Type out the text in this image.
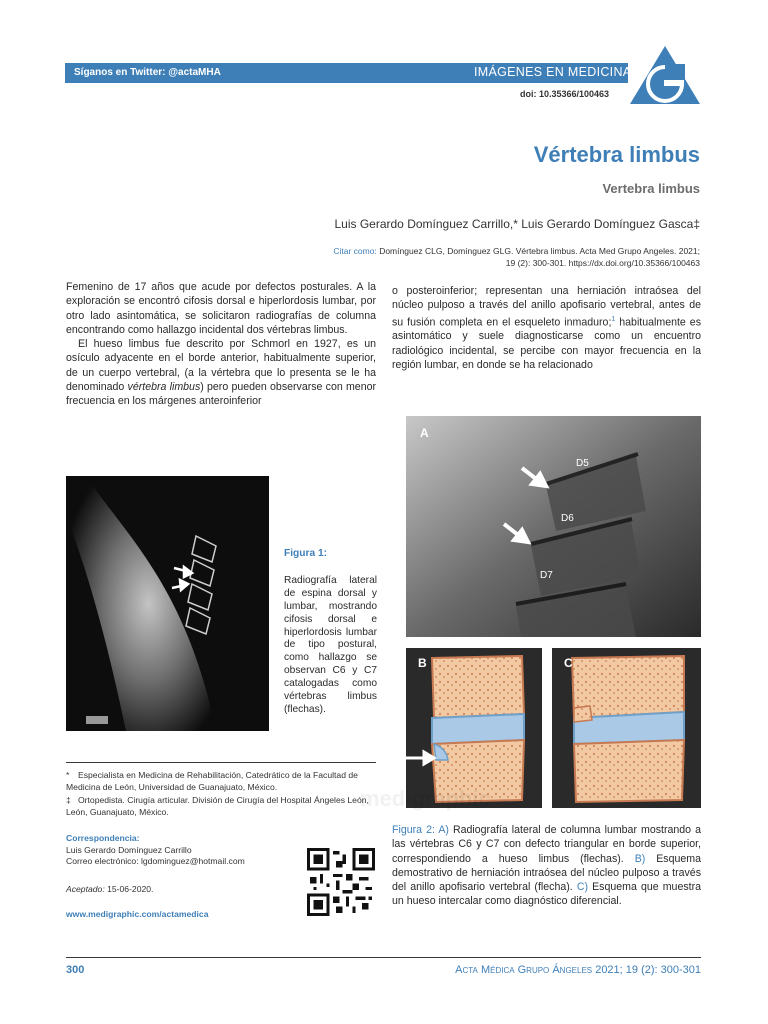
Síganos en Twitter: @actaMHA	IMÁGENES EN MEDICINA
doi: 10.35366/100463
Vértebra limbus
Vertebra limbus
Luis Gerardo Domínguez Carrillo,* Luis Gerardo Domínguez Gasca‡
Citar como: Domínguez CLG, Domínguez GLG. Vértebra limbus. Acta Med Grupo Angeles. 2021; 19 (2): 300-301. https://dx.doi.org/10.35366/100463

Femenino de 17 años que acude por defectos posturales. A la exploración se encontró cifosis dorsal e hiperlordosis lumbar, por otro lado asintomática, se solicitaron radiografías de columna encontrando como hallazgo incidental dos vértebras limbus.

El hueso limbus fue descrito por Schmorl en 1927, es un osículo adyacente en el borde anterior, habitualmente superior, de un cuerpo vertebral, (a la vértebra que lo presenta se le ha denominado vértebra limbus) pero pueden observarse con menor frecuencia en los márgenes anteroinferior

o posteroinferior; representan una herniación intraósea del núcleo pulposo a través del anillo apofisario vertebral, antes de su fusión completa en el esqueleto inmaduro;$^1$ habitualmente es asintomático y suele diagnosticarse como un encuentro radiológico incidental, se percibe con mayor frecuencia en la región lumbar, en donde se ha relacionado

Figura 1:
Radiografía lateral de espina dorsal y lumbar, mostrando cifosis dorsal e hiperlordosis lumbar de tipo postural, como hallazgo se observan C6 y C7 catalogadas como vértebras limbus (flechas).
A
D5
D6
D7
B	C
medigraphic
* Especialista en Medicina de Rehabilitación, Catedrático de la Facultad de Medicina de León, Universidad de Guanajuato, México.
‡ Ortopedista. Cirugía articular. División de Cirugía del Hospital Ángeles León, León, Guanajuato, México.
Correspondencia:
Luis Gerardo Domínguez Carrillo
Correo electrónico: lgdominguez@hotmail.com
Aceptado: 15-06-2020.
www.medigraphic.com/actamedica
Figura 2: A) Radiografía lateral de columna lumbar mostrando a las vértebras C6 y C7 con defecto triangular en borde superior, correspondiendo a hueso limbus (flechas). B) Esquema demostrativo de herniación intraósea del núcleo pulposo a través del anillo apofisario vertebral (flecha). C) Esquema que muestra un hueso intercalar como diagnóstico diferencial.
300	Acta Médica Grupo Ángeles 2021; 19 (2): 300-301
